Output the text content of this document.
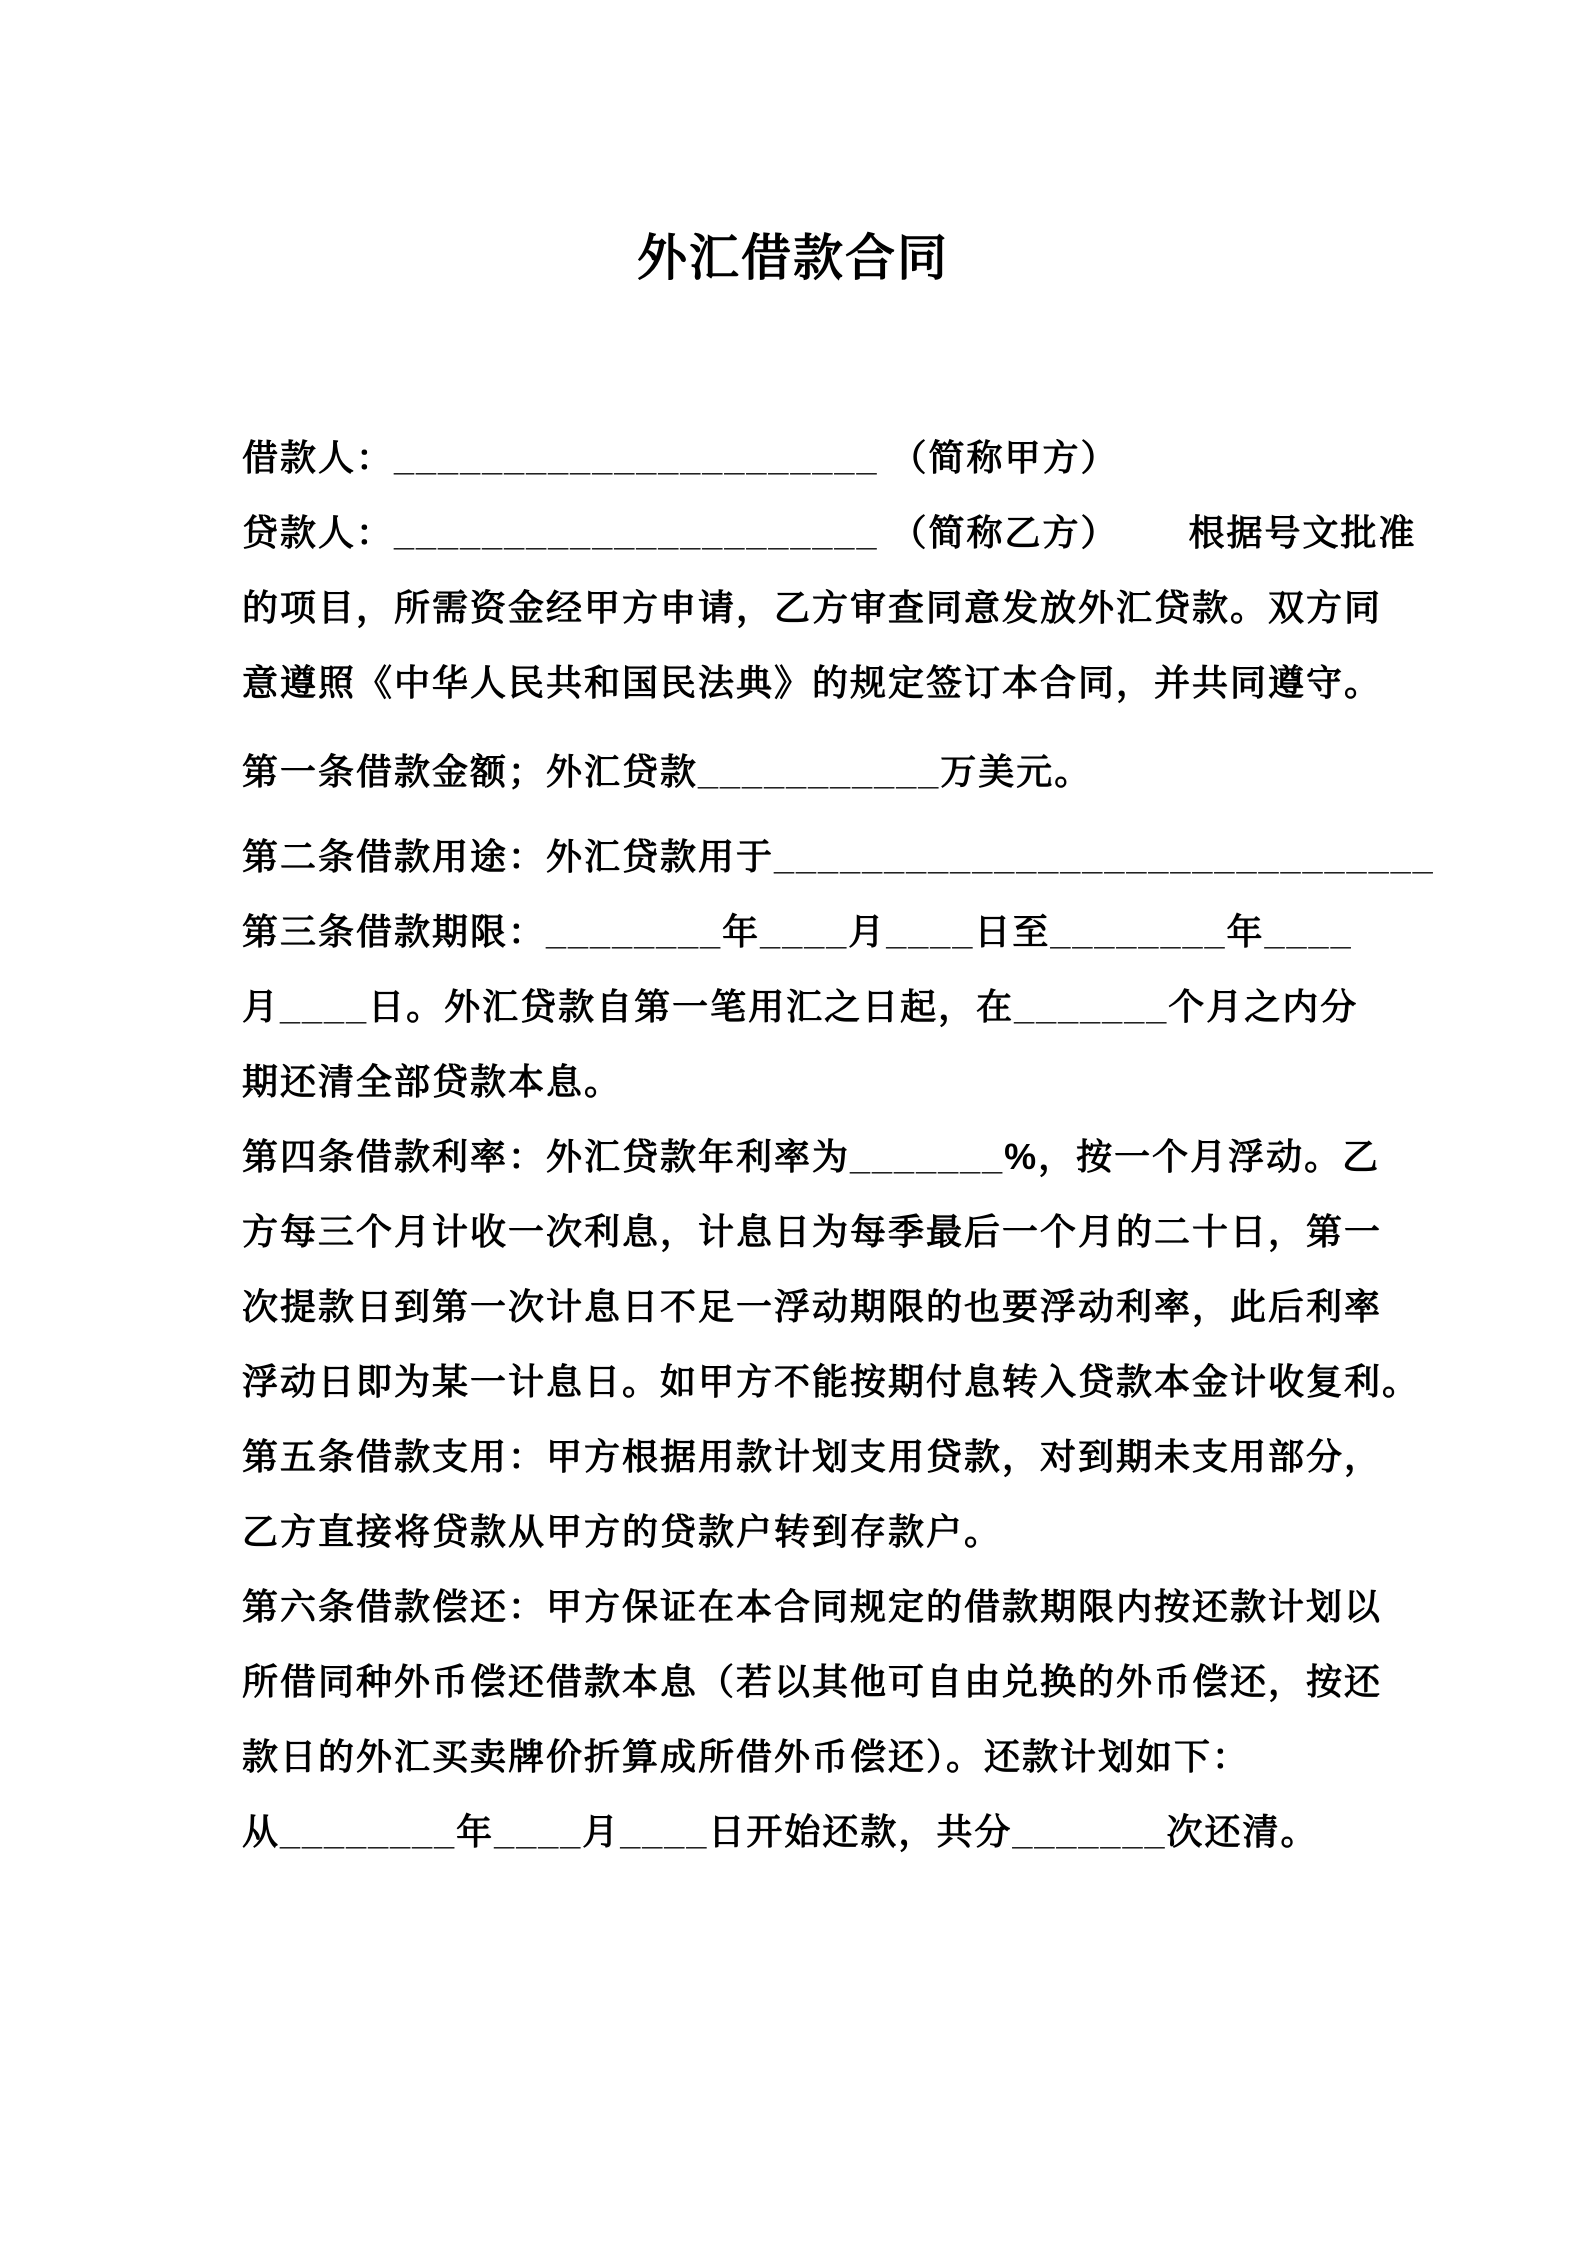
外汇借款合同
借款人：______________________ （简称甲方）
贷款人：______________________ （简称乙方）　　 根据号文批准
的项目，所需资金经甲方申请，乙方审查同意发放外汇贷款。双方同
意遵照《中华人民共和国民法典》的规定签订本合同，并共同遵守。
第一条借款金额；外汇贷款___________万美元。
第二条借款用途：外汇贷款用于______________________________
第三条借款期限：________年____月____日至________年____
月____日。外汇贷款自第一笔用汇之日起，在_______个月之内分
期还清全部贷款本息。
第四条借款利率：外汇贷款年利率为_______%，按一个月浮动。乙
方每三个月计收一次利息，计息日为每季最后一个月的二十日，第一
次提款日到第一次计息日不足一浮动期限的也要浮动利率，此后利率
浮动日即为某一计息日。如甲方不能按期付息转入贷款本金计收复利。
第五条借款支用：甲方根据用款计划支用贷款，对到期未支用部分，
乙方直接将贷款从甲方的贷款户转到存款户。
第六条借款偿还：甲方保证在本合同规定的借款期限内按还款计划以
所借同种外币偿还借款本息（若以其他可自由兑换的外币偿还，按还
款日的外汇买卖牌价折算成所借外币偿还）。还款计划如下：
从________年____月____日开始还款，共分_______次还清。
